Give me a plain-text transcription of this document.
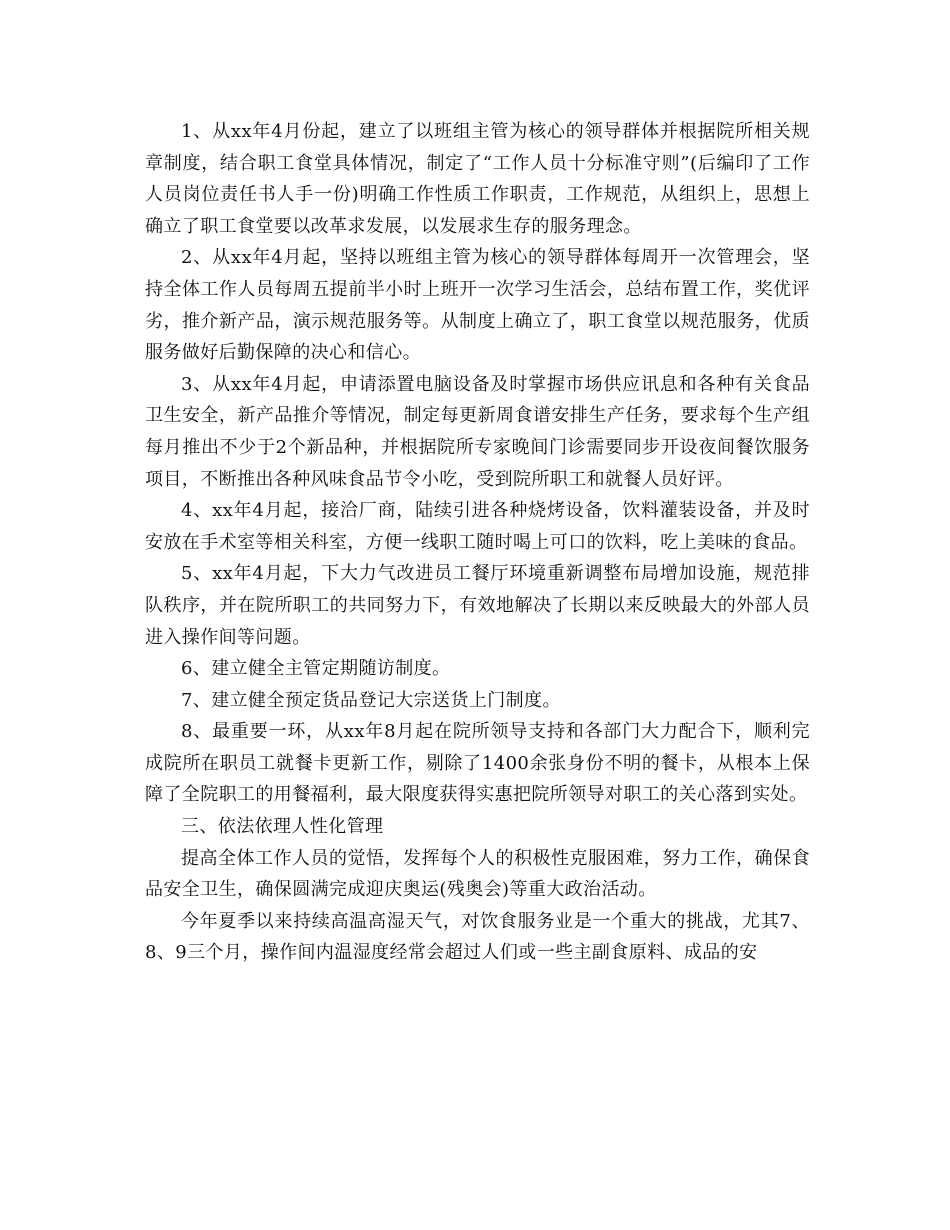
1、从xx年4月份起，建立了以班组主管为核心的领导群体并根据院所相关规章制度，结合职工食堂具体情况，制定了“工作人员十分标准守则”(后编印了工作人员岗位责任书人手一份)明确工作性质工作职责，工作规范，从组织上，思想上确立了职工食堂要以改革求发展，以发展求生存的服务理念。

2、从xx年4月起，坚持以班组主管为核心的领导群体每周开一次管理会，坚持全体工作人员每周五提前半小时上班开一次学习生活会，总结布置工作，奖优评劣，推介新产品，演示规范服务等。从制度上确立了，职工食堂以规范服务，优质服务做好后勤保障的决心和信心。

3、从xx年4月起，申请添置电脑设备及时掌握市场供应讯息和各种有关食品卫生安全，新产品推介等情况，制定每更新周食谱安排生产任务，要求每个生产组每月推出不少于2个新品种，并根据院所专家晚间门诊需要同步开设夜间餐饮服务项目，不断推出各种风味食品节令小吃，受到院所职工和就餐人员好评。

4、xx年4月起，接洽厂商，陆续引进各种烧烤设备，饮料灌装设备，并及时安放在手术室等相关科室，方便一线职工随时喝上可口的饮料，吃上美味的食品。

5、xx年4月起，下大力气改进员工餐厅环境重新调整布局增加设施，规范排队秩序，并在院所职工的共同努力下，有效地解决了长期以来反映最大的外部人员进入操作间等问题。

6、建立健全主管定期随访制度。

7、建立健全预定货品登记大宗送货上门制度。

8、最重要一环，从xx年8月起在院所领导支持和各部门大力配合下，顺利完成院所在职员工就餐卡更新工作，剔除了1400余张身份不明的餐卡，从根本上保障了全院职工的用餐福利，最大限度获得实惠把院所领导对职工的关心落到实处。

三、依法依理人性化管理

提高全体工作人员的觉悟，发挥每个人的积极性克服困难，努力工作，确保食品安全卫生，确保圆满完成迎庆奥运(残奥会)等重大政治活动。

今年夏季以来持续高温高湿天气，对饮食服务业是一个重大的挑战，尤其7、8、9三个月，操作间内温湿度经常会超过人们或一些主副食原料、成品的安
